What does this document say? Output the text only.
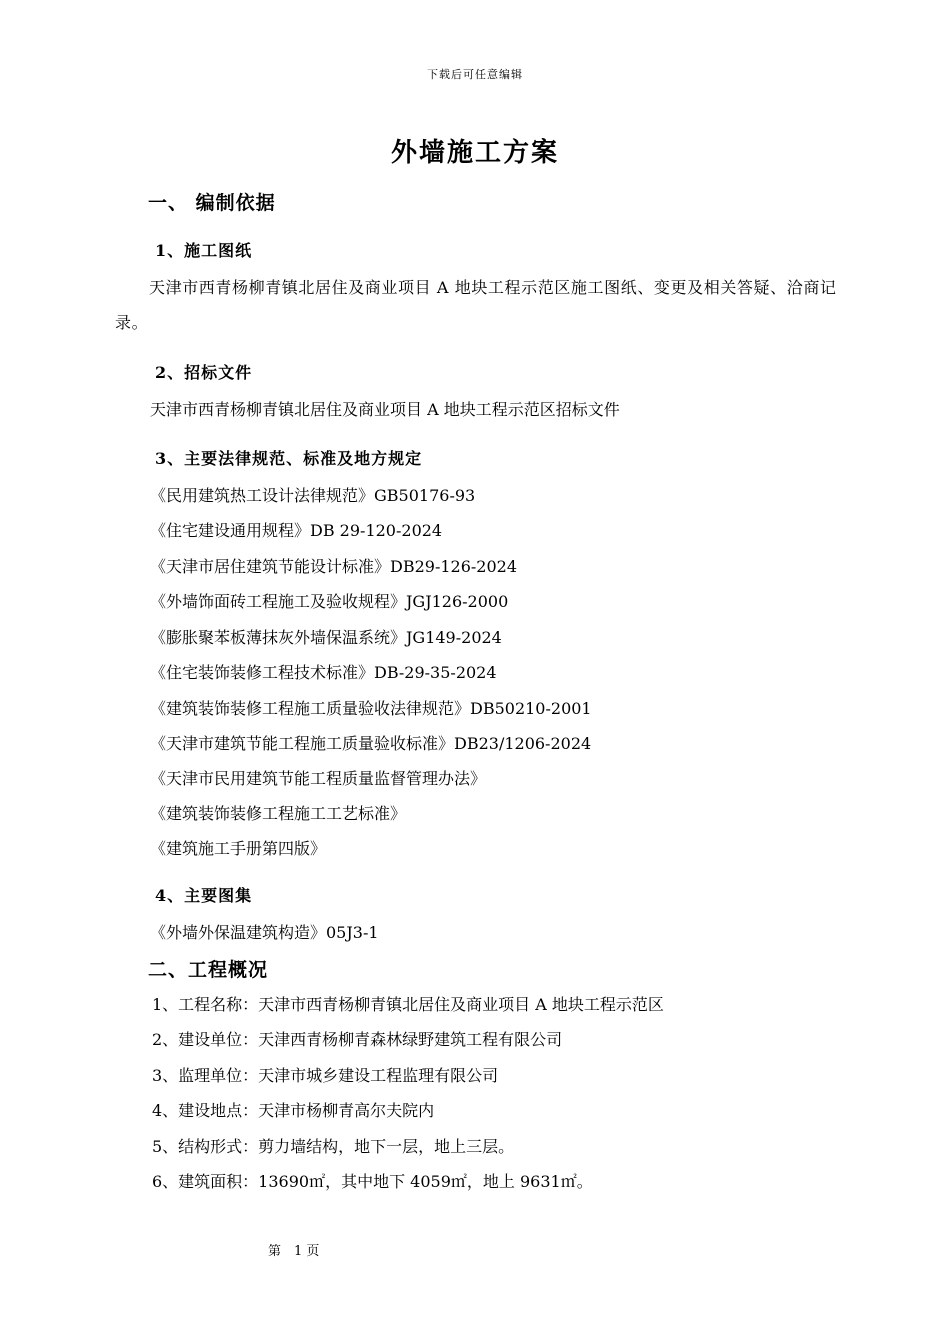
下载后可任意编辑
外墙施工方案
一、 编制依据
1、施工图纸
天津市西青杨柳青镇北居住及商业项目 A 地块工程示范区施工图纸、变更及相关答疑、洽商记录。
2、招标文件
天津市西青杨柳青镇北居住及商业项目 A 地块工程示范区招标文件
3、主要法律规范、标准及地方规定
《民用建筑热工设计法律规范》GB50176-93
《住宅建设通用规程》DB 29-120-2024
《天津市居住建筑节能设计标准》DB29-126-2024
《外墙饰面砖工程施工及验收规程》JGJ126-2000
《膨胀聚苯板薄抹灰外墙保温系统》JG149-2024
《住宅装饰装修工程技术标准》DB-29-35-2024
《建筑装饰装修工程施工质量验收法律规范》DB50210-2001
《天津市建筑节能工程施工质量验收标准》DB23/1206-2024
《天津市民用建筑节能工程质量监督管理办法》
《建筑装饰装修工程施工工艺标准》
《建筑施工手册第四版》
4、主要图集
《外墙外保温建筑构造》05J3-1
二、工程概况
1、工程名称：天津市西青杨柳青镇北居住及商业项目 A 地块工程示范区
2、建设单位：天津西青杨柳青森林绿野建筑工程有限公司
3、监理单位：天津市城乡建设工程监理有限公司
4、建设地点：天津市杨柳青高尔夫院内
5、结构形式：剪力墙结构，地下一层，地上三层。
6、建筑面积：13690㎡，其中地下 4059㎡，地上 9631㎡。
第　1 页
